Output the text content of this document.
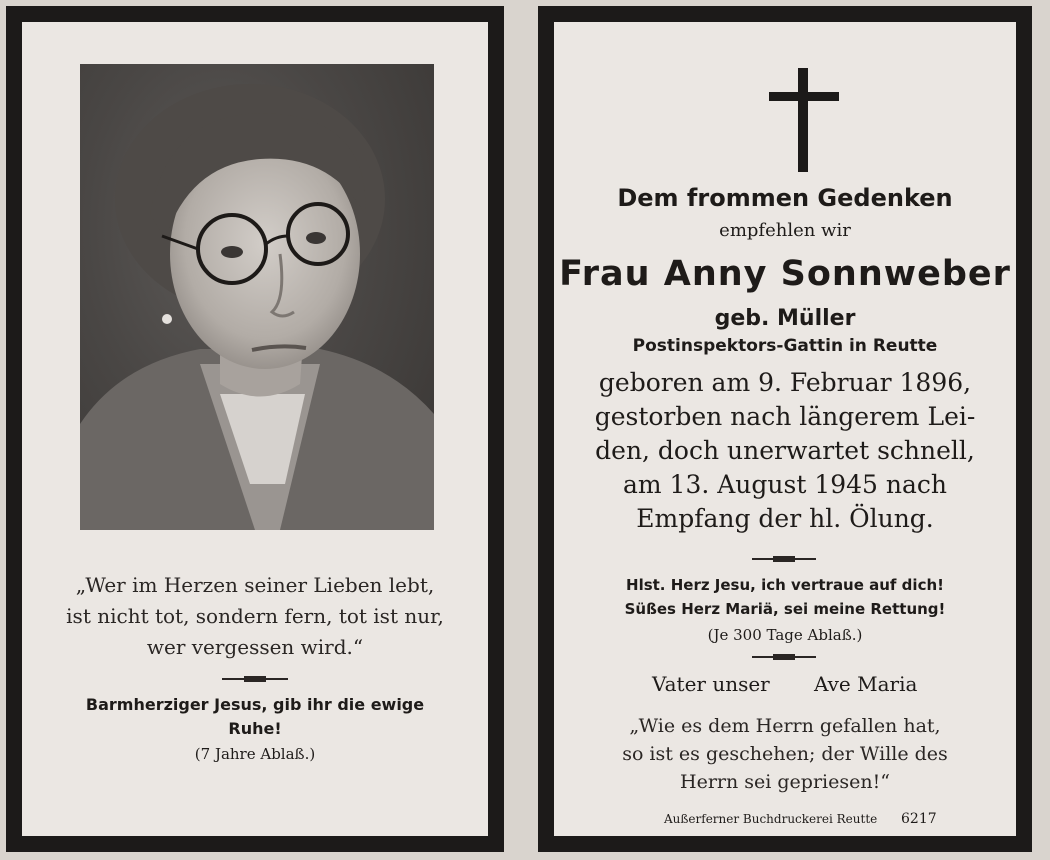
„Wer im Herzen seiner Lieben lebt,
ist nicht tot, sondern fern, tot ist nur,
wer vergessen wird.“
Barmherziger Jesus, gib ihr die ewige
Ruhe!
(7 Jahre Ablaß.)
Dem frommen Gedenken
empfehlen wir
Frau Anny Sonnweber
geb. Müller
Postinspektors-Gattin in Reutte
geboren am 9. Februar 1896,
gestorben nach längerem Lei-
den, doch unerwartet schnell,
am 13. August 1945 nach
Empfang der hl. Ölung.
Hlst. Herz Jesu, ich vertraue auf dich!
Süßes Herz Mariä, sei meine Rettung!
(Je 300 Tage Ablaß.)
Vater unser Ave Maria
„Wie es dem Herrn gefallen hat,
so ist es geschehen; der Wille des
Herrn sei gepriesen!“
Außerferner Buchdruckerei Reutte 6217
